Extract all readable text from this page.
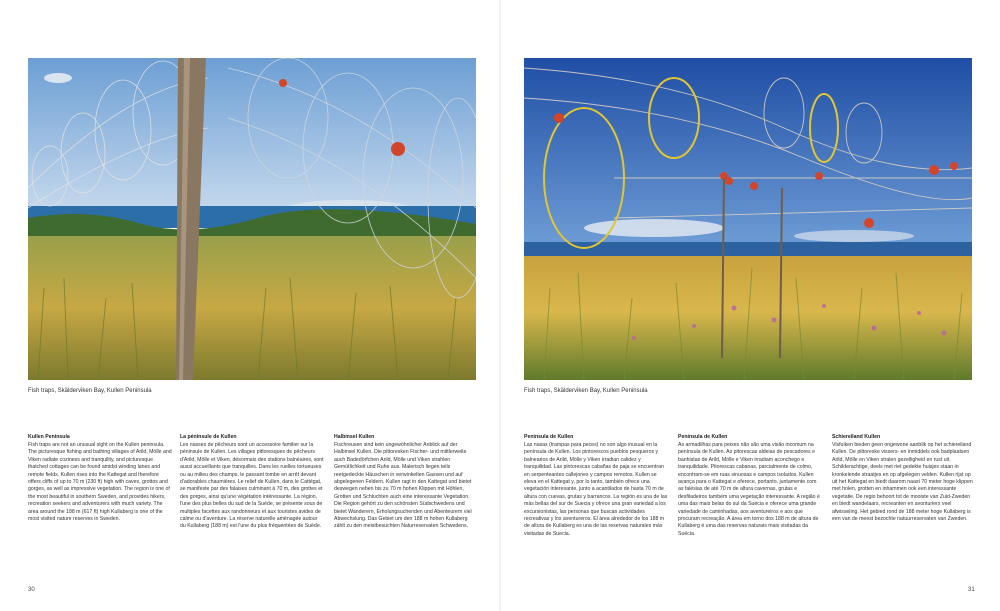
Fish traps, Skälderviken Bay, Kullen Peninsula
Kullen Peninsula

Fish traps are not an unusual sight on the Kullen peninsula. The picturesque fishing and bathing villages of Arild, Mölle and Viken radiate coziness and tranquility, and picturesque thatched cottages can be found amidst winding lanes and remote fields. Kullen rises into the Kattegat and therefore offers cliffs of up to 70 m (230 ft) high with caves, grottos and gorges, as well as impressive vegetation. The region is one of the most beautiful in southern Sweden, and provides hikers, recreation seekers and adventurers with much variety. The area around the 188 m (617 ft) high Kullaberg is one of the most visited nature reserves in Sweden.

La péninsule de Kullen

Les nasses de pêcheurs sont un accessoire familier sur la péninsule de Kullen. Les villages pittoresques de pêcheurs d'Arild, Mölle et Viken, désormais des stations balnéaires, sont aussi accueillants que tranquilles. Dans les ruelles tortueuses ou au milieu des champs, le passant tombe en arrêt devant d'adorables chaumières. Le relief de Kullen, dans le Cattégat, se manifeste par des falaises culminant à 70 m, des grottes et des gorges, ainsi qu'une végétation intéressante. La région, l'une des plus belles du sud de la Suède, se présente sous de multiples facettes aux randonneurs et aux touristes avides de calme ou d'aventure. La réserve naturelle aménagée autour du Kullaberg (188 m) est l'une du plus fréquentées de Suède.

Halbinsel Kullen

Fischreusen sind kein ungewöhnlicher Anblick auf der Halbinsel Kullen. Die pittoresken Fischer- und mittlerweile auch Badedörfchen Arild, Mölle und Viken strahlen Gemütlichkeit und Ruhe aus. Malerisch liegen teils reetgedeckte Häuschen in verwinkelten Gassen und auf abgelegenen Feldern. Kullen ragt in den Kattegat und bietet deswegen neben bis zu 70 m hohen Klippen mit Höhlen, Grotten und Schluchten auch eine interessante Vegetation. Die Region gehört zu den schönsten Südschwedens und bietet Wanderern, Erholungsuchenden und Abenteurern viel Abwechslung. Das Gebiet um den 188 m hohen Kullaberg zählt zu den meistbesuchten Naturreservaten Schwedens.

30
Fish traps, Skälderviken Bay, Kullen Peninsula
Península de Kullen

Las nasas (trampas para peces) no son algo inusual en la península de Kullen. Los pintorescos pueblos pesqueros y balnearios de Arild, Mölle y Viken irradian calidez y tranquilidad. Las pintorescas cabañas de paja se encuentran en serpenteantes callejones y campos remotos. Kullen se eleva en el Kattegat y, por lo tanto, también ofrece una vegetación interesante, junto a acantilados de hasta 70 m de altura con cuevas, grutas y barrancos. La región es una de las más bellas del sur de Suecia y ofrece una gran variedad a los excursionistas, las personas que buscan actividades recreativas y los aventureros. El área alrededor de los 188 m de altura de Kullaberg es una de las reservas naturales más visitadas de Suecia.

Península de Kullen

As armadilhas para peixes não são uma visão incomum na península de Kullen. As pitorescas aldeias de pescadores e banhistas de Arild, Mölle e Viken irradiam aconchego e tranquilidade. Pitorescas cabanas, parcialmente de colmo, encontram-se em ruas sinuosas e campos isolados. Kullen avança para o Kattegat e oferece, portanto, juntamente com as falésias de até 70 m de altura cavernas, grutas e desfiladeiros também uma vegetação interessante. A região é uma das mais belas do sul da Suécia e oferece uma grande variedade de caminhadas, aos aventureiros e aos que procuram recreação. A área em torno dos 188 m de altura de Kullaberg é uma das reservas naturais mais visitadas da Suécia.

Schiereiland Kullen

Visfuiken bieden geen ongewone aanblik op het schiereiland Kullen. De pittoreske vissers- en inmiddels ook badplaatsen Arild, Mölle en Viken stralen gezelligheid en rust uit. Schilderachtige, deels met riet gedekte huisjes staan in kronkelende straatjes en op afgelegen velden. Kullen rijst op uit het Kattegat en biedt daarom naast 70 meter hoge klippen met holen, grotten en inhammen ook een interessante vegetatie. De regio behoort tot de mooiste van Zuid-Zweden en biedt wandelaars, recreanten en avonturiers veel afwisseling. Het gebied rond de 188 meter hoge Kullaberg is een van de meest bezochte natuurreservaten van Zweden.

31
